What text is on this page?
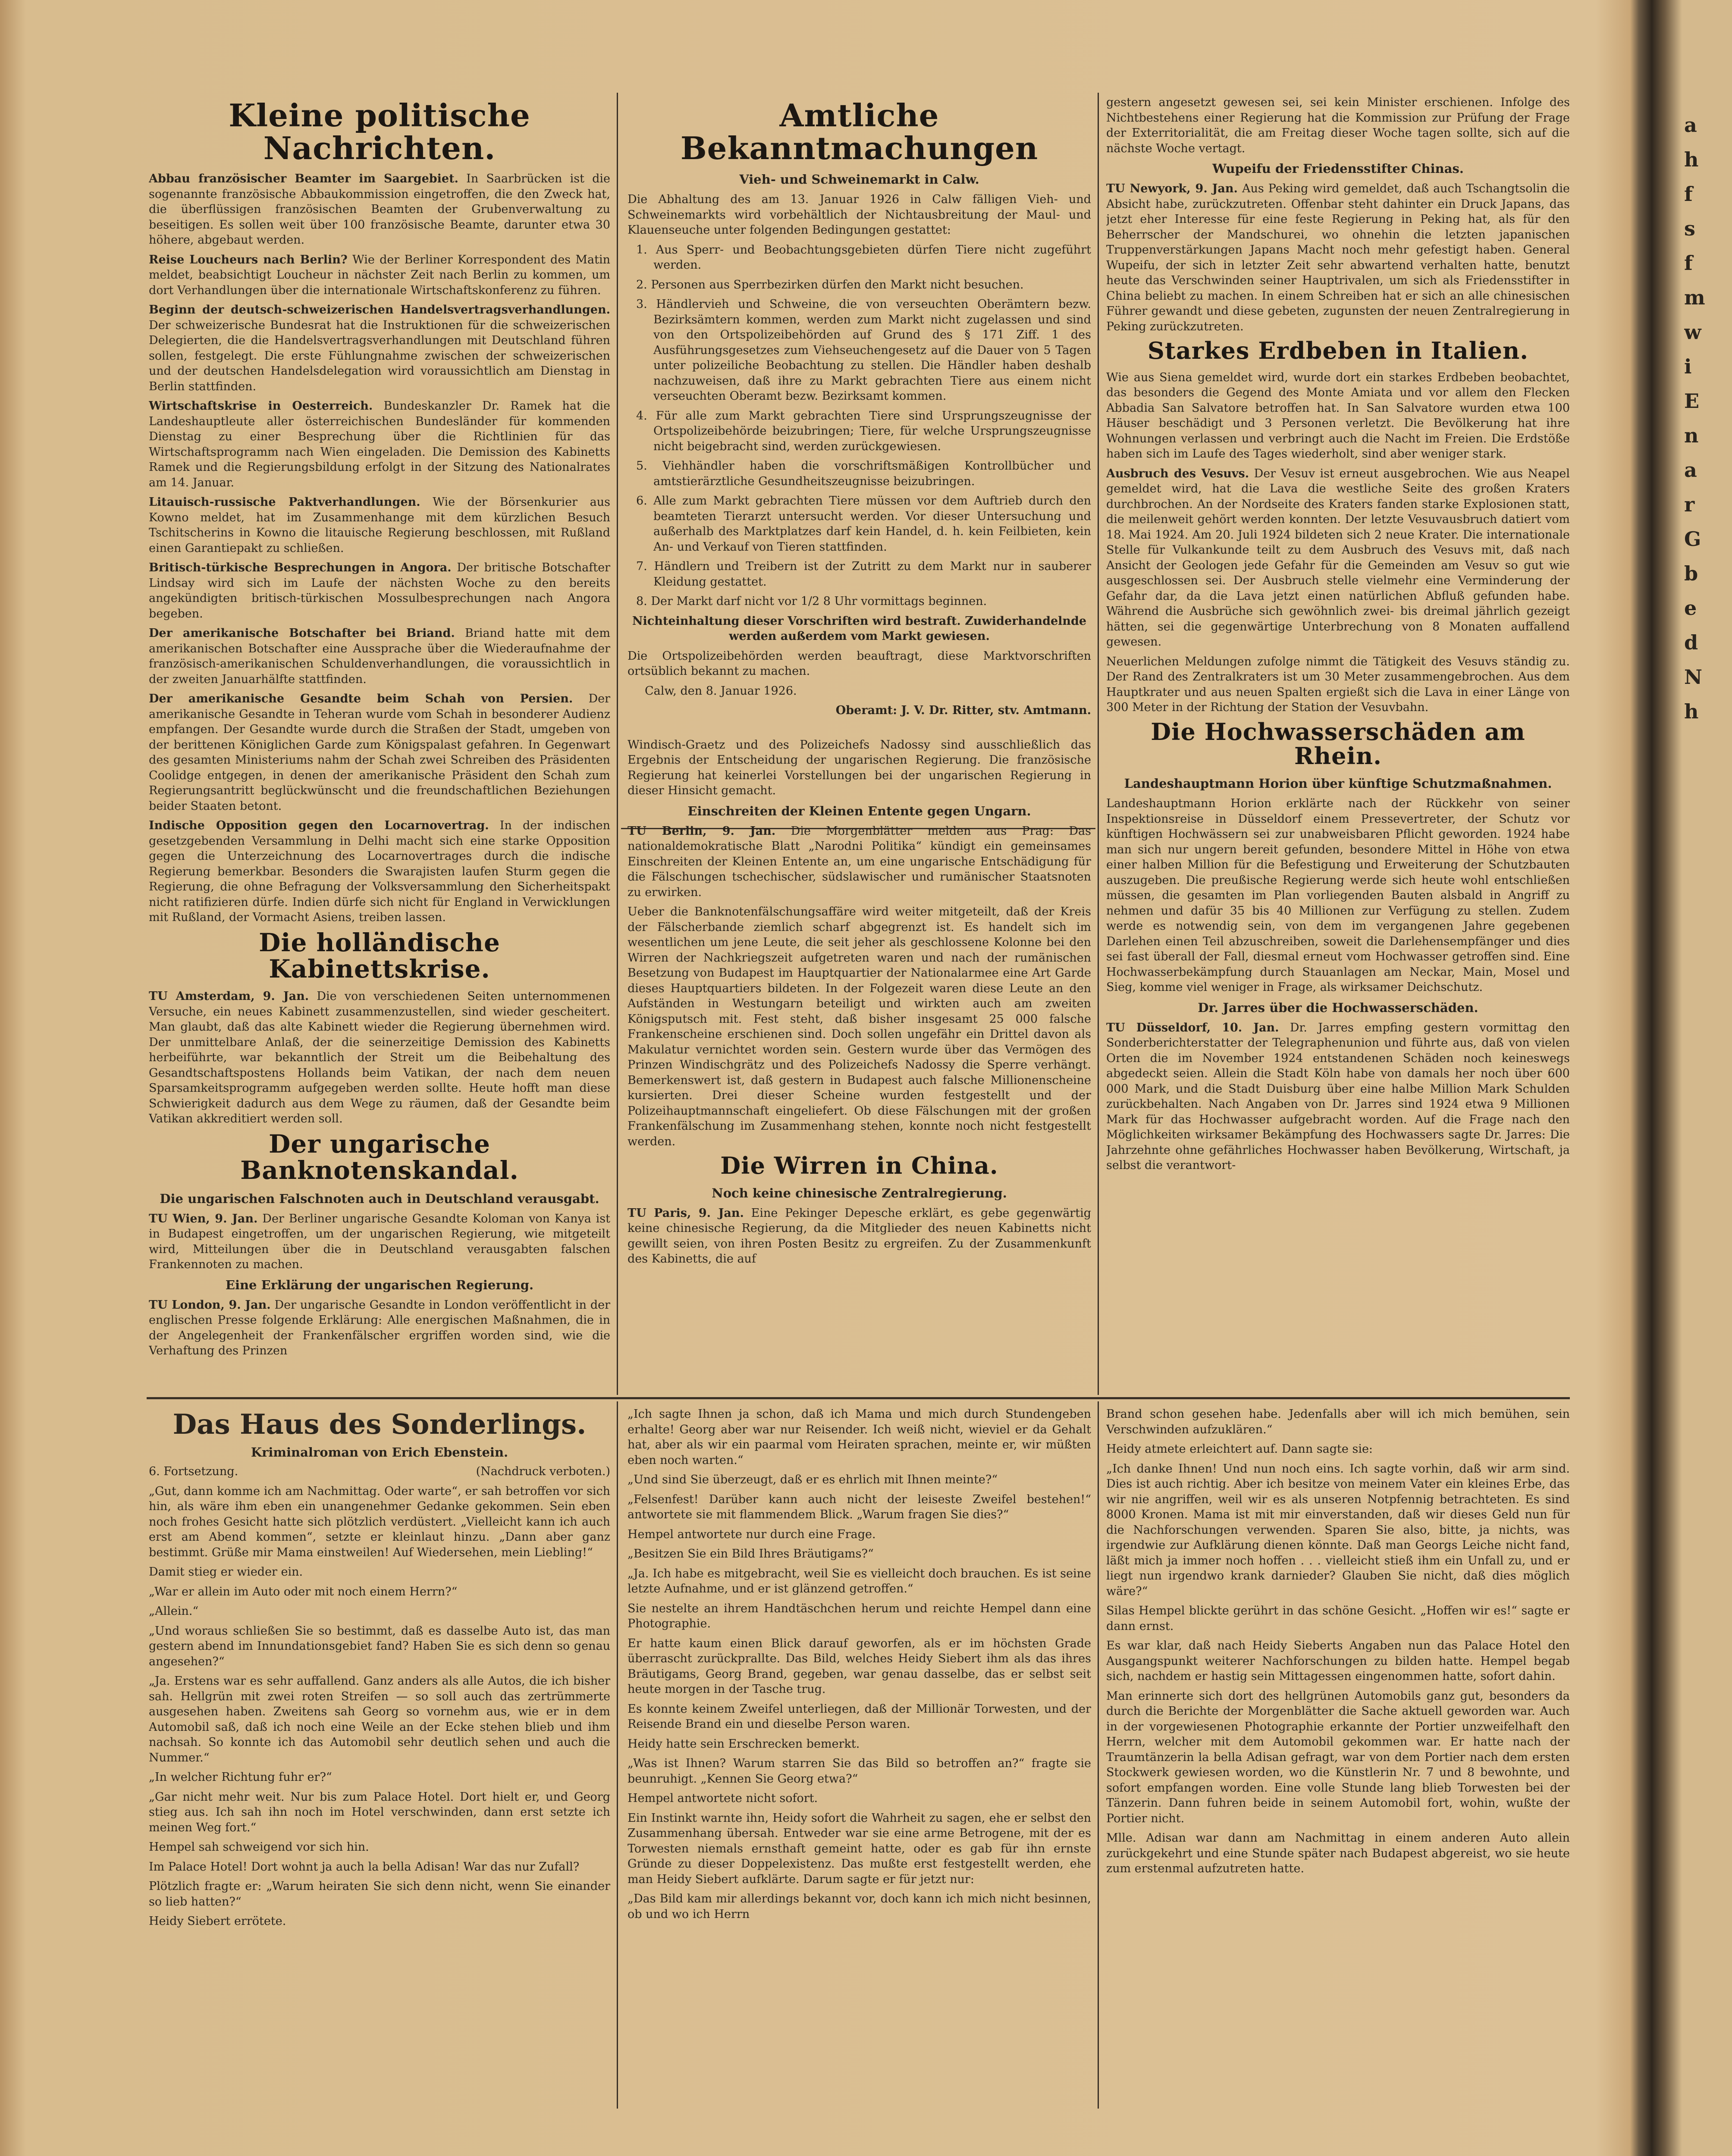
Kleine politische Nachrichten.

Abbau französischer Beamter im Saargebiet. In Saarbrücken ist die sogenannte französische Abbaukommission eingetroffen, die den Zweck hat, die überflüssigen französischen Beamten der Grubenverwaltung zu beseitigen. Es sollen weit über 100 französische Beamte, darunter etwa 30 höhere, abgebaut werden.

Reise Loucheurs nach Berlin? Wie der Berliner Korrespondent des Matin meldet, beabsichtigt Loucheur in nächster Zeit nach Berlin zu kommen, um dort Verhandlungen über die internationale Wirtschaftskonferenz zu führen.

Beginn der deutsch-schweizerischen Handelsvertragsverhandlungen. Der schweizerische Bundesrat hat die Instruktionen für die schweizerischen Delegierten, die die Handelsvertragsverhandlungen mit Deutschland führen sollen, festgelegt. Die erste Fühlungnahme zwischen der schweizerischen und der deutschen Handelsdelegation wird voraussichtlich am Dienstag in Berlin stattfinden.

Wirtschaftskrise in Oesterreich. Bundeskanzler Dr. Ramek hat die Landeshauptleute aller österreichischen Bundesländer für kommenden Dienstag zu einer Besprechung über die Richtlinien für das Wirtschaftsprogramm nach Wien eingeladen. Die Demission des Kabinetts Ramek und die Regierungsbildung erfolgt in der Sitzung des Nationalrates am 14. Januar.

Litauisch-russische Paktverhandlungen. Wie der Börsenkurier aus Kowno meldet, hat im Zusammenhange mit dem kürzlichen Besuch Tschitscherins in Kowno die litauische Regierung beschlossen, mit Rußland einen Garantiepakt zu schließen.

Britisch-türkische Besprechungen in Angora. Der britische Botschafter Lindsay wird sich im Laufe der nächsten Woche zu den bereits angekündigten britisch-türkischen Mossulbesprechungen nach Angora begeben.

Der amerikanische Botschafter bei Briand. Briand hatte mit dem amerikanischen Botschafter eine Aussprache über die Wiederaufnahme der französisch-amerikanischen Schuldenverhandlungen, die voraussichtlich in der zweiten Januarhälfte stattfinden.

Der amerikanische Gesandte beim Schah von Persien. Der amerikanische Gesandte in Teheran wurde vom Schah in besonderer Audienz empfangen. Der Gesandte wurde durch die Straßen der Stadt, umgeben von der berittenen Königlichen Garde zum Königspalast gefahren. In Gegenwart des gesamten Ministeriums nahm der Schah zwei Schreiben des Präsidenten Coolidge entgegen, in denen der amerikanische Präsident den Schah zum Regierungsantritt beglückwünscht und die freundschaftlichen Beziehungen beider Staaten betont.

Indische Opposition gegen den Locarnovertrag. In der indischen gesetzgebenden Versammlung in Delhi macht sich eine starke Opposition gegen die Unterzeichnung des Locarnovertrages durch die indische Regierung bemerkbar. Besonders die Swarajisten laufen Sturm gegen die Regierung, die ohne Befragung der Volksversammlung den Sicherheitspakt nicht ratifizieren dürfe. Indien dürfe sich nicht für England in Verwicklungen mit Rußland, der Vormacht Asiens, treiben lassen.

Die holländische Kabinettskrise.

TU Amsterdam, 9. Jan. Die von verschiedenen Seiten unternommenen Versuche, ein neues Kabinett zusammenzustellen, sind wieder gescheitert. Man glaubt, daß das alte Kabinett wieder die Regierung übernehmen wird. Der unmittelbare Anlaß, der die seinerzeitige Demission des Kabinetts herbeiführte, war bekanntlich der Streit um die Beibehaltung des Gesandtschaftspostens Hollands beim Vatikan, der nach dem neuen Sparsamkeitsprogramm aufgegeben werden sollte. Heute hofft man diese Schwierigkeit dadurch aus dem Wege zu räumen, daß der Gesandte beim Vatikan akkreditiert werden soll.

Der ungarische Banknotenskandal.
Die ungarischen Falschnoten auch in Deutschland verausgabt.

TU Wien, 9. Jan. Der Berliner ungarische Gesandte Koloman von Kanya ist in Budapest eingetroffen, um der ungarischen Regierung, wie mitgeteilt wird, Mitteilungen über die in Deutschland verausgabten falschen Frankennoten zu machen.

Eine Erklärung der ungarischen Regierung.

TU London, 9. Jan. Der ungarische Gesandte in London veröffentlicht in der englischen Presse folgende Erklärung: Alle energischen Maßnahmen, die in der Angelegenheit der Frankenfälscher ergriffen worden sind, wie die Verhaftung des Prinzen

Amtliche Bekanntmachungen
Vieh- und Schweinemarkt in Calw.

Die Abhaltung des am 13. Januar 1926 in Calw fälligen Vieh- und Schweinemarkts wird vorbehältlich der Nichtausbreitung der Maul- und Klauenseuche unter folgenden Bedingungen gestattet:

1. Aus Sperr- und Beobachtungsgebieten dürfen Tiere nicht zugeführt werden.

2. Personen aus Sperrbezirken dürfen den Markt nicht besuchen.

3. Händlervieh und Schweine, die von verseuchten Oberämtern bezw. Bezirksämtern kommen, werden zum Markt nicht zugelassen und sind von den Ortspolizeibehörden auf Grund des § 171 Ziff. 1 des Ausführungsgesetzes zum Viehseuchengesetz auf die Dauer von 5 Tagen unter polizeiliche Beobachtung zu stellen. Die Händler haben deshalb nachzuweisen, daß ihre zu Markt gebrachten Tiere aus einem nicht verseuchten Oberamt bezw. Bezirksamt kommen.

4. Für alle zum Markt gebrachten Tiere sind Ursprungszeugnisse der Ortspolizeibehörde beizubringen; Tiere, für welche Ursprungszeugnisse nicht beigebracht sind, werden zurückgewiesen.

5. Viehhändler haben die vorschriftsmäßigen Kontrollbücher und amtstierärztliche Gesundheitszeugnisse beizubringen.

6. Alle zum Markt gebrachten Tiere müssen vor dem Auftrieb durch den beamteten Tierarzt untersucht werden. Vor dieser Untersuchung und außerhalb des Marktplatzes darf kein Handel, d. h. kein Feilbieten, kein An- und Verkauf von Tieren stattfinden.

7. Händlern und Treibern ist der Zutritt zu dem Markt nur in sauberer Kleidung gestattet.

8. Der Markt darf nicht vor 1/2 8 Uhr vormittags beginnen.

Nichteinhaltung dieser Vorschriften wird bestraft. Zuwiderhandelnde werden außerdem vom Markt gewiesen.

Die Ortspolizeibehörden werden beauftragt, diese Marktvorschriften ortsüblich bekannt zu machen.

Calw, den 8. Januar 1926.

Oberamt: J. V. Dr. Ritter, stv. Amtmann.

Windisch-Graetz und des Polizeichefs Nadossy sind ausschließlich das Ergebnis der Entscheidung der ungarischen Regierung. Die französische Regierung hat keinerlei Vorstellungen bei der ungarischen Regierung in dieser Hinsicht gemacht.

Einschreiten der Kleinen Entente gegen Ungarn.

TU Berlin, 9. Jan. Die Morgenblätter melden aus Prag: Das nationaldemokratische Blatt „Narodni Politika“ kündigt ein gemeinsames Einschreiten der Kleinen Entente an, um eine ungarische Entschädigung für die Fälschungen tschechischer, südslawischer und rumänischer Staatsnoten zu erwirken.

Ueber die Banknotenfälschungsaffäre wird weiter mitgeteilt, daß der Kreis der Fälscherbande ziemlich scharf abgegrenzt ist. Es handelt sich im wesentlichen um jene Leute, die seit jeher als geschlossene Kolonne bei den Wirren der Nachkriegszeit aufgetreten waren und nach der rumänischen Besetzung von Budapest im Hauptquartier der Nationalarmee eine Art Garde dieses Hauptquartiers bildeten. In der Folgezeit waren diese Leute an den Aufständen in Westungarn beteiligt und wirkten auch am zweiten Königsputsch mit. Fest steht, daß bisher insgesamt 25 000 falsche Frankenscheine erschienen sind. Doch sollen ungefähr ein Drittel davon als Makulatur vernichtet worden sein. Gestern wurde über das Vermögen des Prinzen Windischgrätz und des Polizeichefs Nadossy die Sperre verhängt. Bemerkenswert ist, daß gestern in Budapest auch falsche Millionenscheine kursierten. Drei dieser Scheine wurden festgestellt und der Polizeihauptmannschaft eingeliefert. Ob diese Fälschungen mit der großen Frankenfälschung im Zusammenhang stehen, konnte noch nicht festgestellt werden.

Die Wirren in China.
Noch keine chinesische Zentralregierung.

TU Paris, 9. Jan. Eine Pekinger Depesche erklärt, es gebe gegenwärtig keine chinesische Regierung, da die Mitglieder des neuen Kabinetts nicht gewillt seien, von ihren Posten Besitz zu ergreifen. Zu der Zusammenkunft des Kabinetts, die auf

gestern angesetzt gewesen sei, sei kein Minister erschienen. Infolge des Nichtbestehens einer Regierung hat die Kommission zur Prüfung der Frage der Exterritorialität, die am Freitag dieser Woche tagen sollte, sich auf die nächste Woche vertagt.

Wupeifu der Friedensstifter Chinas.

TU Newyork, 9. Jan. Aus Peking wird gemeldet, daß auch Tschangtsolin die Absicht habe, zurückzutreten. Offenbar steht dahinter ein Druck Japans, das jetzt eher Interesse für eine feste Regierung in Peking hat, als für den Beherrscher der Mandschurei, wo ohnehin die letzten japanischen Truppenverstärkungen Japans Macht noch mehr gefestigt haben. General Wupeifu, der sich in letzter Zeit sehr abwartend verhalten hatte, benutzt heute das Verschwinden seiner Hauptrivalen, um sich als Friedensstifter in China beliebt zu machen. In einem Schreiben hat er sich an alle chinesischen Führer gewandt und diese gebeten, zugunsten der neuen Zentralregierung in Peking zurückzutreten.

Starkes Erdbeben in Italien.

Wie aus Siena gemeldet wird, wurde dort ein starkes Erdbeben beobachtet, das besonders die Gegend des Monte Amiata und vor allem den Flecken Abbadia San Salvatore betroffen hat. In San Salvatore wurden etwa 100 Häuser beschädigt und 3 Personen verletzt. Die Bevölkerung hat ihre Wohnungen verlassen und verbringt auch die Nacht im Freien. Die Erdstöße haben sich im Laufe des Tages wiederholt, sind aber weniger stark.

Ausbruch des Vesuvs. Der Vesuv ist erneut ausgebrochen. Wie aus Neapel gemeldet wird, hat die Lava die westliche Seite des großen Kraters durchbrochen. An der Nordseite des Kraters fanden starke Explosionen statt, die meilenweit gehört werden konnten. Der letzte Vesuvausbruch datiert vom 18. Mai 1924. Am 20. Juli 1924 bildeten sich 2 neue Krater. Die internationale Stelle für Vulkankunde teilt zu dem Ausbruch des Vesuvs mit, daß nach Ansicht der Geologen jede Gefahr für die Gemeinden am Vesuv so gut wie ausgeschlossen sei. Der Ausbruch stelle vielmehr eine Verminderung der Gefahr dar, da die Lava jetzt einen natürlichen Abfluß gefunden habe. Während die Ausbrüche sich gewöhnlich zwei- bis dreimal jährlich gezeigt hätten, sei die gegenwärtige Unterbrechung von 8 Monaten auffallend gewesen.

Neuerlichen Meldungen zufolge nimmt die Tätigkeit des Vesuvs ständig zu. Der Rand des Zentralkraters ist um 30 Meter zusammengebrochen. Aus dem Hauptkrater und aus neuen Spalten ergießt sich die Lava in einer Länge von 300 Meter in der Richtung der Station der Vesuvbahn.

Die Hochwasserschäden am Rhein.
Landeshauptmann Horion über künftige Schutzmaßnahmen.

Landeshauptmann Horion erklärte nach der Rückkehr von seiner Inspektionsreise in Düsseldorf einem Pressevertreter, der Schutz vor künftigen Hochwässern sei zur unabweisbaren Pflicht geworden. 1924 habe man sich nur ungern bereit gefunden, besondere Mittel in Höhe von etwa einer halben Million für die Befestigung und Erweiterung der Schutzbauten auszugeben. Die preußische Regierung werde sich heute wohl entschließen müssen, die gesamten im Plan vorliegenden Bauten alsbald in Angriff zu nehmen und dafür 35 bis 40 Millionen zur Verfügung zu stellen. Zudem werde es notwendig sein, von dem im vergangenen Jahre gegebenen Darlehen einen Teil abzuschreiben, soweit die Darlehensempfänger und dies sei fast überall der Fall, diesmal erneut vom Hochwasser getroffen sind. Eine Hochwasserbekämpfung durch Stauanlagen am Neckar, Main, Mosel und Sieg, komme viel weniger in Frage, als wirksamer Deichschutz.

Dr. Jarres über die Hochwasserschäden.

TU Düsseldorf, 10. Jan. Dr. Jarres empfing gestern vormittag den Sonderberichterstatter der Telegraphenunion und führte aus, daß von vielen Orten die im November 1924 entstandenen Schäden noch keineswegs abgedeckt seien. Allein die Stadt Köln habe von damals her noch über 600 000 Mark, und die Stadt Duisburg über eine halbe Million Mark Schulden zurückbehalten. Nach Angaben von Dr. Jarres sind 1924 etwa 9 Millionen Mark für das Hochwasser aufgebracht worden. Auf die Frage nach den Möglichkeiten wirksamer Bekämpfung des Hochwassers sagte Dr. Jarres: Die Jahrzehnte ohne gefährliches Hochwasser haben Bevölkerung, Wirtschaft, ja selbst die verantwort-

Das Haus des Sonderlings.
Kriminalroman von Erich Ebenstein.
6. Fortsetzung.	(Nachdruck verboten.)

„Gut, dann komme ich am Nachmittag. Oder warte“, er sah betroffen vor sich hin, als wäre ihm eben ein unangenehmer Gedanke gekommen. Sein eben noch frohes Gesicht hatte sich plötzlich verdüstert. „Vielleicht kann ich auch erst am Abend kommen“, setzte er kleinlaut hinzu. „Dann aber ganz bestimmt. Grüße mir Mama einstweilen! Auf Wiedersehen, mein Liebling!“

Damit stieg er wieder ein.

„War er allein im Auto oder mit noch einem Herrn?“

„Allein.“

„Und woraus schließen Sie so bestimmt, daß es dasselbe Auto ist, das man gestern abend im Innundationsgebiet fand? Haben Sie es sich denn so genau angesehen?“

„Ja. Erstens war es sehr auffallend. Ganz anders als alle Autos, die ich bisher sah. Hellgrün mit zwei roten Streifen — so soll auch das zertrümmerte ausgesehen haben. Zweitens sah Georg so vornehm aus, wie er in dem Automobil saß, daß ich noch eine Weile an der Ecke stehen blieb und ihm nachsah. So konnte ich das Automobil sehr deutlich sehen und auch die Nummer.“

„In welcher Richtung fuhr er?“

„Gar nicht mehr weit. Nur bis zum Palace Hotel. Dort hielt er, und Georg stieg aus. Ich sah ihn noch im Hotel verschwinden, dann erst setzte ich meinen Weg fort.“

Hempel sah schweigend vor sich hin.

Im Palace Hotel! Dort wohnt ja auch la bella Adisan! War das nur Zufall?

Plötzlich fragte er: „Warum heiraten Sie sich denn nicht, wenn Sie einander so lieb hatten?“

Heidy Siebert errötete.

„Ich sagte Ihnen ja schon, daß ich Mama und mich durch Stundengeben erhalte! Georg aber war nur Reisender. Ich weiß nicht, wieviel er da Gehalt hat, aber als wir ein paarmal vom Heiraten sprachen, meinte er, wir müßten eben noch warten.“

„Und sind Sie überzeugt, daß er es ehrlich mit Ihnen meinte?“

„Felsenfest! Darüber kann auch nicht der leiseste Zweifel bestehen!“ antwortete sie mit flammendem Blick. „Warum fragen Sie dies?“

Hempel antwortete nur durch eine Frage.

„Besitzen Sie ein Bild Ihres Bräutigams?“

„Ja. Ich habe es mitgebracht, weil Sie es vielleicht doch brauchen. Es ist seine letzte Aufnahme, und er ist glänzend getroffen.“

Sie nestelte an ihrem Handtäschchen herum und reichte Hempel dann eine Photographie.

Er hatte kaum einen Blick darauf geworfen, als er im höchsten Grade überrascht zurückprallte. Das Bild, welches Heidy Siebert ihm als das ihres Bräutigams, Georg Brand, gegeben, war genau dasselbe, das er selbst seit heute morgen in der Tasche trug.

Es konnte keinem Zweifel unterliegen, daß der Millionär Torwesten, und der Reisende Brand ein und dieselbe Person waren.

Heidy hatte sein Erschrecken bemerkt.

„Was ist Ihnen? Warum starren Sie das Bild so betroffen an?“ fragte sie beunruhigt. „Kennen Sie Georg etwa?“

Hempel antwortete nicht sofort.

Ein Instinkt warnte ihn, Heidy sofort die Wahrheit zu sagen, ehe er selbst den Zusammenhang übersah. Entweder war sie eine arme Betrogene, mit der es Torwesten niemals ernsthaft gemeint hatte, oder es gab für ihn ernste Gründe zu dieser Doppelexistenz. Das mußte erst festgestellt werden, ehe man Heidy Siebert aufklärte. Darum sagte er für jetzt nur:

„Das Bild kam mir allerdings bekannt vor, doch kann ich mich nicht besinnen, ob und wo ich Herrn

Brand schon gesehen habe. Jedenfalls aber will ich mich bemühen, sein Verschwinden aufzuklären.“

Heidy atmete erleichtert auf. Dann sagte sie:

„Ich danke Ihnen! Und nun noch eins. Ich sagte vorhin, daß wir arm sind. Dies ist auch richtig. Aber ich besitze von meinem Vater ein kleines Erbe, das wir nie angriffen, weil wir es als unseren Notpfennig betrachteten. Es sind 8000 Kronen. Mama ist mit mir einverstanden, daß wir dieses Geld nun für die Nachforschungen verwenden. Sparen Sie also, bitte, ja nichts, was irgendwie zur Aufklärung dienen könnte. Daß man Georgs Leiche nicht fand, läßt mich ja immer noch hoffen . . . vielleicht stieß ihm ein Unfall zu, und er liegt nun irgendwo krank darnieder? Glauben Sie nicht, daß dies möglich wäre?“

Silas Hempel blickte gerührt in das schöne Gesicht. „Hoffen wir es!“ sagte er dann ernst.

Es war klar, daß nach Heidy Sieberts Angaben nun das Palace Hotel den Ausgangspunkt weiterer Nachforschungen zu bilden hatte. Hempel begab sich, nachdem er hastig sein Mittagessen eingenommen hatte, sofort dahin.

Man erinnerte sich dort des hellgrünen Automobils ganz gut, besonders da durch die Berichte der Morgenblätter die Sache aktuell geworden war. Auch in der vorgewiesenen Photographie erkannte der Portier unzweifelhaft den Herrn, welcher mit dem Automobil gekommen war. Er hatte nach der Traumtänzerin la bella Adisan gefragt, war von dem Portier nach dem ersten Stockwerk gewiesen worden, wo die Künstlerin Nr. 7 und 8 bewohnte, und sofort empfangen worden. Eine volle Stunde lang blieb Torwesten bei der Tänzerin. Dann fuhren beide in seinem Automobil fort, wohin, wußte der Portier nicht.

Mlle. Adisan war dann am Nachmittag in einem anderen Auto allein zurückgekehrt und eine Stunde später nach Budapest abgereist, wo sie heute zum erstenmal aufzutreten hatte.

a
h
f
s
f
m
w
i
E
n
a
r
G
b
e
d
N
h
